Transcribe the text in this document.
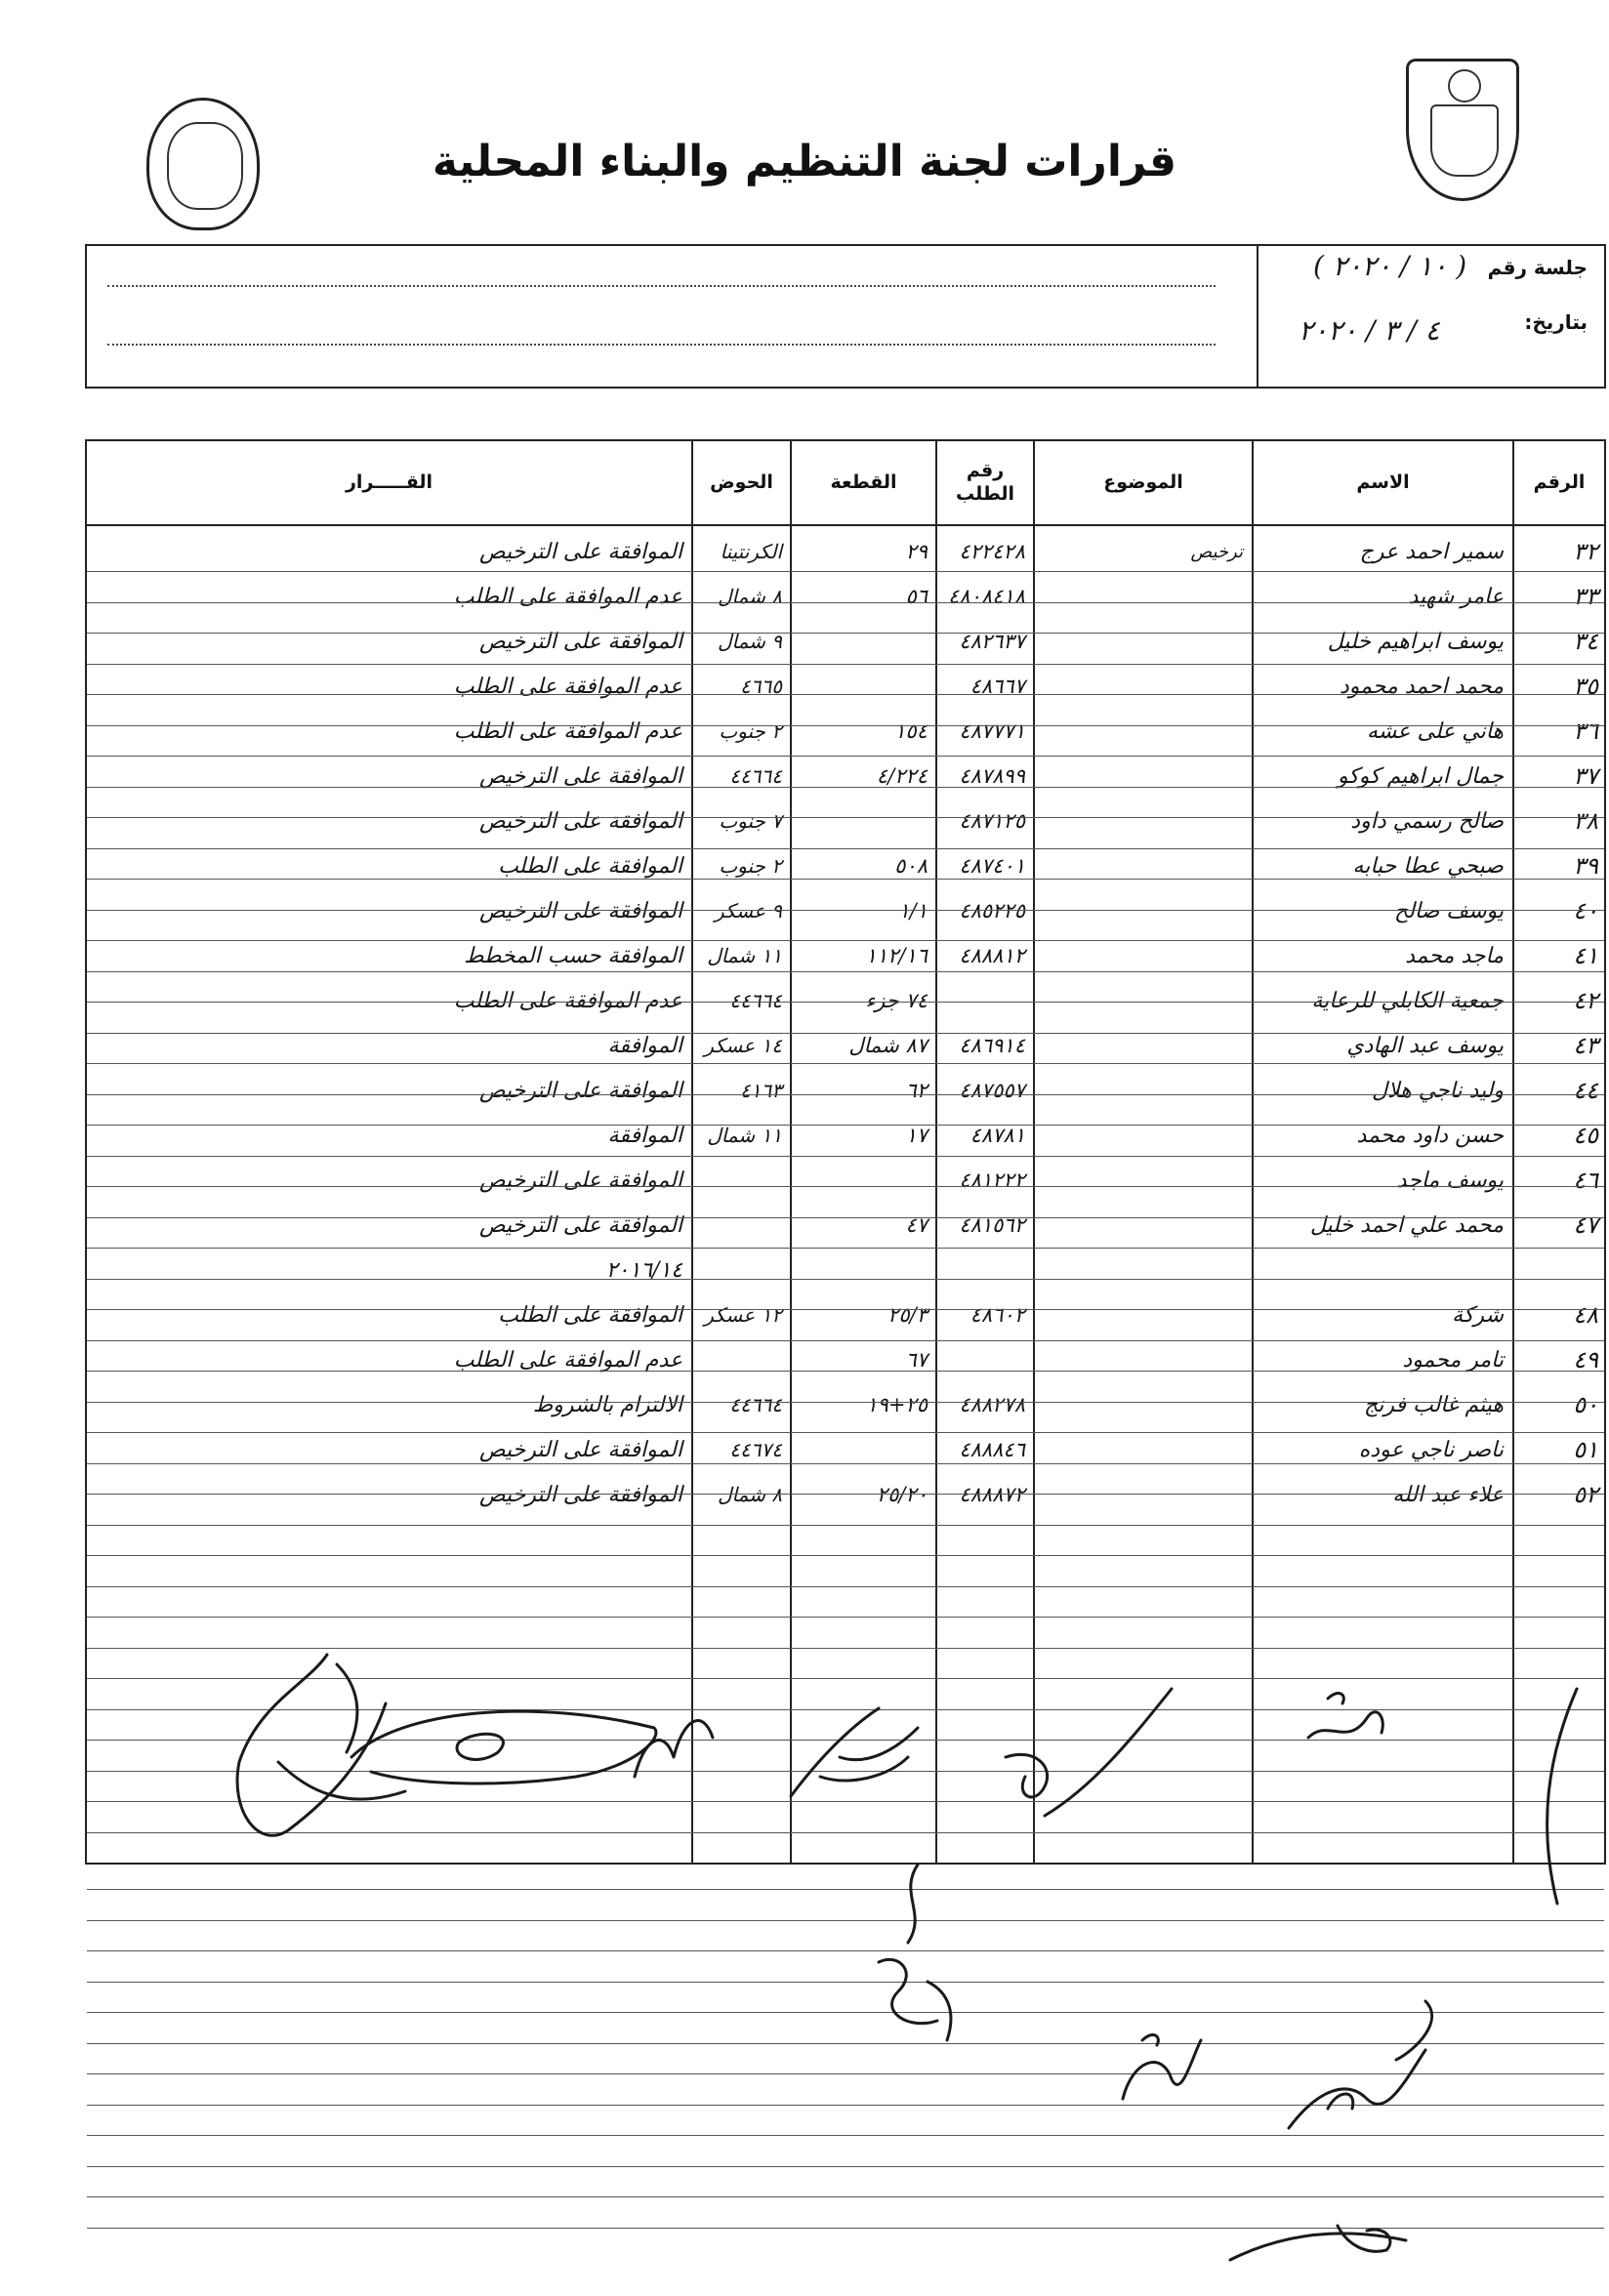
قرارات لجنة التنظيم والبناء المحلية
جلسة رقم
( ١٠ / ٢٠٢٠ )
بتاريخ:
٤ / ٣ / ٢٠٢٠
الرقم
الاسم
الموضوع
رقم
الطلب
القطعة
الحوض
القـــــرار
٣٢
سمير احمد عرج
ترخيص
٤٢٢٤٢٨
٢٩
الكرنتينا
الموافقة على الترخيص
٣٣
عامر شهيد
٤٨٠٨٤١٨
٥٦
٨ شمال
عدم الموافقة على الطلب
٣٤
يوسف ابراهيم خليل
٤٨٢٦٣٧
٩ شمال
الموافقة على الترخيص
٣٥
محمد احمد محمود
٤٨٦٦٧
٤٦٦٥
عدم الموافقة على الطلب
٣٦
هاني على عشه
٤٨٧٧٧١
١٥٤
٢ جنوب
عدم الموافقة على الطلب
٣٧
جمال ابراهيم كوكو
٤٨٧٨٩٩
٤/٢٢٤
٤٤٦٦٤
الموافقة على الترخيص
٣٨
صالح رسمي داود
٤٨٧١٢٥
٧ جنوب
الموافقة على الترخيص
٣٩
صبحي عطا حبابه
٤٨٧٤٠١
٥٠٨
٢ جنوب
الموافقة على الطلب
٤٠
يوسف صالح
٤٨٥٢٢٥
١/١
٩ عسكر
الموافقة على الترخيص
٤١
ماجد محمد
٤٨٨٨١٢
١١٢/١٦
١١ شمال
الموافقة حسب المخطط
٤٢
جمعية الكابلي للرعاية
٧٤ جزء
٤٤٦٦٤
عدم الموافقة على الطلب
٤٣
يوسف عبد الهادي
٤٨٦٩١٤
٨٧ شمال
١٤ عسكر
الموافقة
٤٤
وليد ناجي هلال
٤٨٧٥٥٧
٦٢
٤١٦٣
الموافقة على الترخيص
٤٥
حسن داود محمد
٤٨٧٨١
١٧
١١ شمال
الموافقة
٤٦
يوسف ماجد
٤٨١٢٢٢
الموافقة على الترخيص
٤٧
محمد علي احمد خليل
٤٨١٥٦٢
٤٧
الموافقة على الترخيص
٢٠١٦/١٤
٤٨
شركة
٤٨٦٠٢
٢٥/٣
١٢ عسكر
الموافقة على الطلب
٤٩
تامر محمود
٦٧
عدم الموافقة على الطلب
٥٠
هيثم غالب فرنج
٤٨٨٢٧٨
٢٥+١٩
٤٤٦٦٤
الالتزام بالشروط
٥١
ناصر ناجي عوده
٤٨٨٨٤٦
٤٤٦٧٤
الموافقة على الترخيص
٥٢
علاء عبد الله
٤٨٨٨٧٢
٢٥/٢٠
٨ شمال
الموافقة على الترخيص
